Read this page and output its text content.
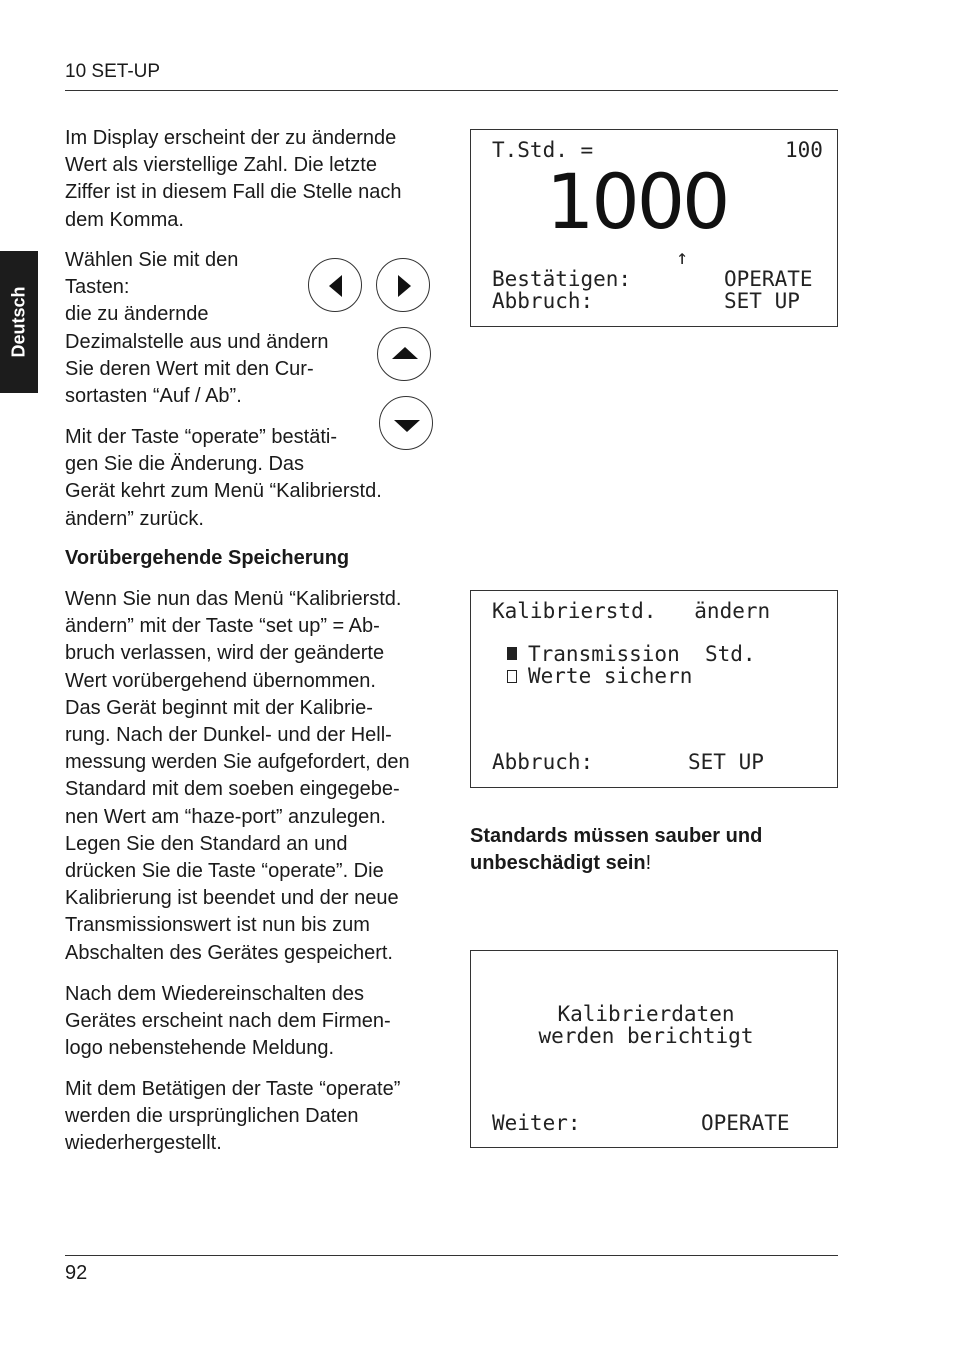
10 SET-UP
Deutsch
Im Display erscheint der zu ändernde
Wert als vierstellige Zahl. Die letzte
Ziffer ist in diesem Fall die Stelle nach
dem Komma.
Wählen Sie mit den
Tasten:
die zu ändernde
Dezimalstelle aus und ändern
Sie deren Wert mit den Cur-
sortasten “Auf / Ab”.
Mit der Taste “operate” bestäti-
gen Sie die Änderung. Das
Gerät kehrt zum Menü “Kalibrierstd.
ändern” zurück.
Vorübergehende Speicherung
Wenn Sie nun das Menü “Kalibrierstd.
ändern” mit der Taste “set up” = Ab-
bruch verlassen, wird der geänderte
Wert vorübergehend übernommen.
Das Gerät beginnt mit der Kalibrie-
rung. Nach der Dunkel- und der Hell-
messung werden Sie aufgefordert, den
Standard mit dem soeben eingegebe-
nen Wert am “haze-port” anzulegen.
Legen Sie den Standard an und
drücken Sie die Taste “operate”. Die
Kalibrierung ist beendet und der neue
Transmissionswert ist nun bis zum
Abschalten des Gerätes gespeichert.
Nach dem Wiedereinschalten des
Gerätes erscheint nach dem Firmen-
logo nebenstehende Meldung.
Mit dem Betätigen der Taste “operate”
werden die ursprünglichen Daten
wiederhergestellt.
T.Std. =	100
1000
↑
Bestätigen:	OPERATE
Abbruch:	SET UP
Kalibrierstd.   ändern
Transmission  Std.
Werte sichern
Abbruch:	SET UP
Standards müssen sauber und
unbeschädigt sein!
Kalibrierdaten
werden berichtigt
Weiter:	OPERATE
92
